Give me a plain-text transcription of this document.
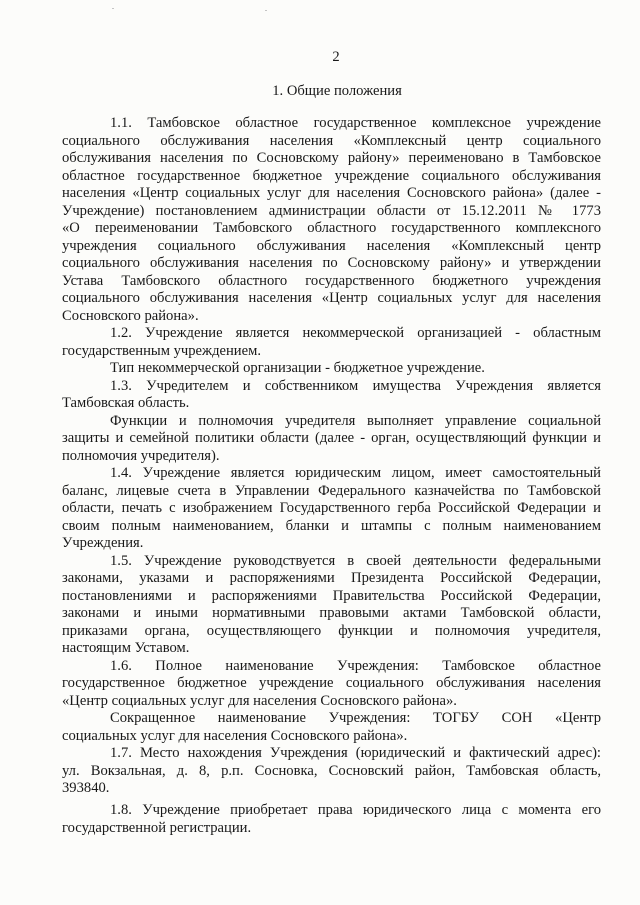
2
1. Общие положения
1.1. Тамбовское областное государственное комплексное учреждение
социального обслуживания населения «Комплексный центр социального
обслуживания населения по Сосновскому району» переименовано в Тамбовское
областное государственное бюджетное учреждение социального обслуживания
населения «Центр социальных услуг для населения Сосновского района» (далее -
Учреждение) постановлением администрации области от 15.12.2011 № 1773
«О переименовании Тамбовского областного государственного комплексного
учреждения социального обслуживания населения «Комплексный центр
социального обслуживания населения по Сосновскому району» и утверждении
Устава Тамбовского областного государственного бюджетного учреждения
социального обслуживания населения «Центр социальных услуг для населения
Сосновского района».
1.2. Учреждение является некоммерческой организацией - областным
государственным учреждением.
Тип некоммерческой организации - бюджетное учреждение.
1.3. Учредителем и собственником имущества Учреждения является
Тамбовская область.
Функции и полномочия учредителя выполняет управление социальной
защиты и семейной политики области (далее - орган, осуществляющий функции и
полномочия учредителя).
1.4. Учреждение является юридическим лицом, имеет самостоятельный
баланс, лицевые счета в Управлении Федерального казначейства по Тамбовской
области, печать с изображением Государственного герба Российской Федерации и
своим полным наименованием, бланки и штампы с полным наименованием
Учреждения.
1.5. Учреждение руководствуется в своей деятельности федеральными
законами, указами и распоряжениями Президента Российской Федерации,
постановлениями и распоряжениями Правительства Российской Федерации,
законами и иными нормативными правовыми актами Тамбовской области,
приказами органа, осуществляющего функции и полномочия учредителя,
настоящим Уставом.
1.6. Полное наименование Учреждения: Тамбовское областное
государственное бюджетное учреждение социального обслуживания населения
«Центр социальных услуг для населения Сосновского района».
Сокращенное наименование Учреждения: ТОГБУ СОН «Центр
социальных услуг для населения Сосновского района».
1.7. Место нахождения Учреждения (юридический и фактический адрес):
ул. Вокзальная, д. 8, р.п. Сосновка, Сосновский район, Тамбовская область,
393840.
1.8. Учреждение приобретает права юридического лица с момента его
государственной регистрации.
